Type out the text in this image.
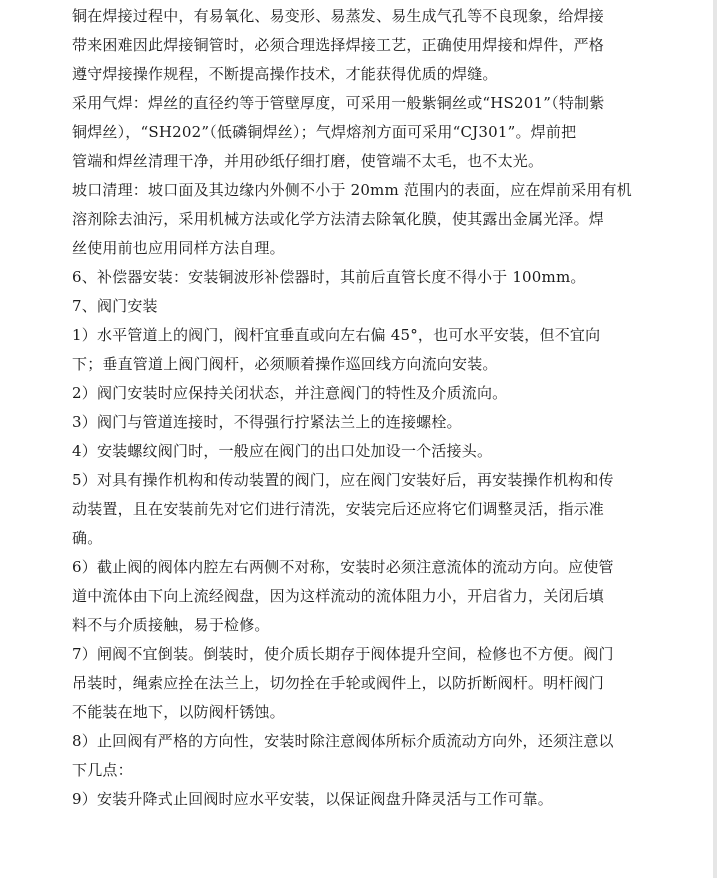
铜在焊接过程中，有易氧化、易变形、易蒸发、易生成气孔等不良现象，给焊接

带来困难因此焊接铜管时，必须合理选择焊接工艺，正确使用焊接和焊件，严格

遵守焊接操作规程，不断提高操作技术，才能获得优质的焊缝。

采用气焊：焊丝的直径约等于管壁厚度，可采用一般紫铜丝或“HS201”（特制紫

铜焊丝），“SH202”（低磷铜焊丝）；气焊熔剂方面可采用“CJ301”。焊前把

管端和焊丝清理干净，并用砂纸仔细打磨，使管端不太毛，也不太光。

坡口清理：坡口面及其边缘内外侧不小于 20mm 范围内的表面，应在焊前采用有机

溶剂除去油污，采用机械方法或化学方法清去除氧化膜，使其露出金属光泽。焊

丝使用前也应用同样方法自理。

6、补偿器安装：安装铜波形补偿器时，其前后直管长度不得小于 100mm。

7、阀门安装

1）水平管道上的阀门，阀杆宜垂直或向左右偏 45°，也可水平安装，但不宜向

下；垂直管道上阀门阀杆，必须顺着操作巡回线方向流向安装。

2）阀门安装时应保持关闭状态，并注意阀门的特性及介质流向。

3）阀门与管道连接时，不得强行拧紧法兰上的连接螺栓。

4）安装螺纹阀门时，一般应在阀门的出口处加设一个活接头。

5）对具有操作机构和传动装置的阀门，应在阀门安装好后，再安装操作机构和传

动装置，且在安装前先对它们进行清洗，安装完后还应将它们调整灵活，指示准

确。

6）截止阀的阀体内腔左右两侧不对称，安装时必须注意流体的流动方向。应使管

道中流体由下向上流经阀盘，因为这样流动的流体阻力小，开启省力，关闭后填

料不与介质接触，易于检修。

7）闸阀不宜倒装。倒装时，使介质长期存于阀体提升空间，检修也不方便。阀门

吊装时，绳索应拴在法兰上，切勿拴在手轮或阀件上，以防折断阀杆。明杆阀门

不能装在地下，以防阀杆锈蚀。

8）止回阀有严格的方向性，安装时除注意阀体所标介质流动方向外，还须注意以

下几点：

9）安装升降式止回阀时应水平安装，以保证阀盘升降灵活与工作可靠。
